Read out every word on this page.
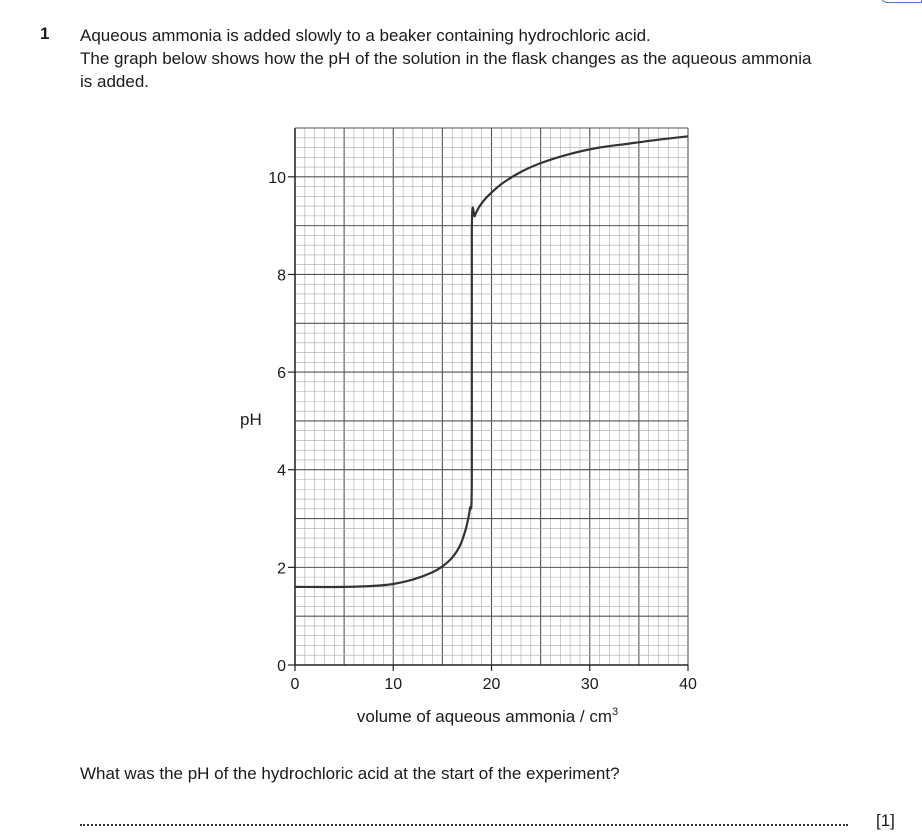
1 Aqueous ammonia is added slowly to a beaker containing hydrochloric acid.
The graph below shows how the pH of the solution in the flask changes as the aqueous ammonia
is added.
0	10	20	30	40
0
2
4
6
8
10
pH
volume of aqueous ammonia / $cm^3$
What was the pH of the hydrochloric acid at the start of the experiment?
[1]
